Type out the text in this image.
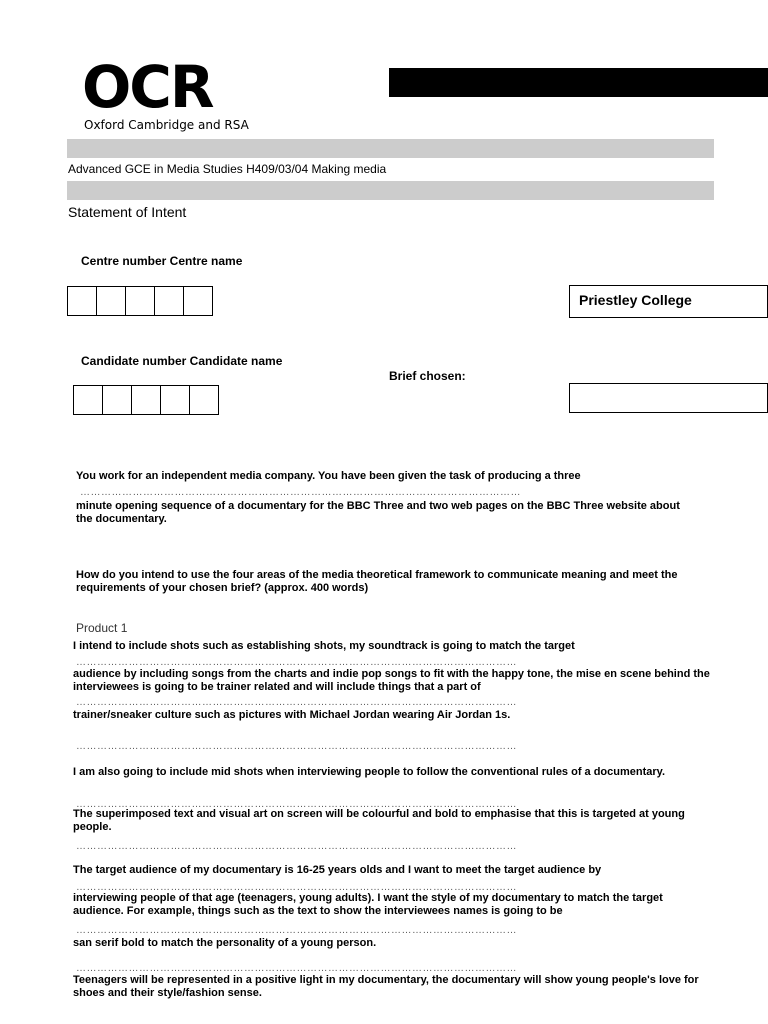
OCR
Oxford Cambridge and RSA
Advanced GCE in Media Studies H409/03/04 Making media
Statement of Intent
Centre number Centre name
Priestley College
Candidate number Candidate name
Brief chosen:
You work for an independent media company. You have been given the task of producing a three
………………………………………………………………………………………………………………
minute opening sequence of a documentary for the BBC Three and two web pages on the BBC Three website about the documentary.
How do you intend to use the four areas of the media theoretical framework to communicate meaning and meet the requirements of your chosen brief? (approx. 400 words)
Product 1
I intend to include shots such as establishing shots, my soundtrack is going to match the target
………………………………………………………………………………………………………………
audience by including songs from the charts and indie pop songs to fit with the happy tone, the mise en scene behind the interviewees is going to be trainer related and will include things that a part of
………………………………………………………………………………………………………………
trainer/sneaker culture such as pictures with Michael Jordan wearing Air Jordan 1s.
………………………………………………………………………………………………………………
I am also going to include mid shots when interviewing people to follow the conventional rules of a documentary.
………………………………………………………………………………………………………………
The superimposed text and visual art on screen will be colourful and bold to emphasise that this is targeted at young people.
………………………………………………………………………………………………………………
The target audience of my documentary is 16-25 years olds and I want to meet the target audience by
………………………………………………………………………………………………………………
interviewing people of that age (teenagers, young adults). I want the style of my documentary to match the target audience. For example, things such as the text to show the interviewees names is going to be
………………………………………………………………………………………………………………
san serif bold to match the personality of a young person.
………………………………………………………………………………………………………………
Teenagers will be represented in a positive light in my documentary, the documentary will show young people's love for shoes and their style/fashion sense.
